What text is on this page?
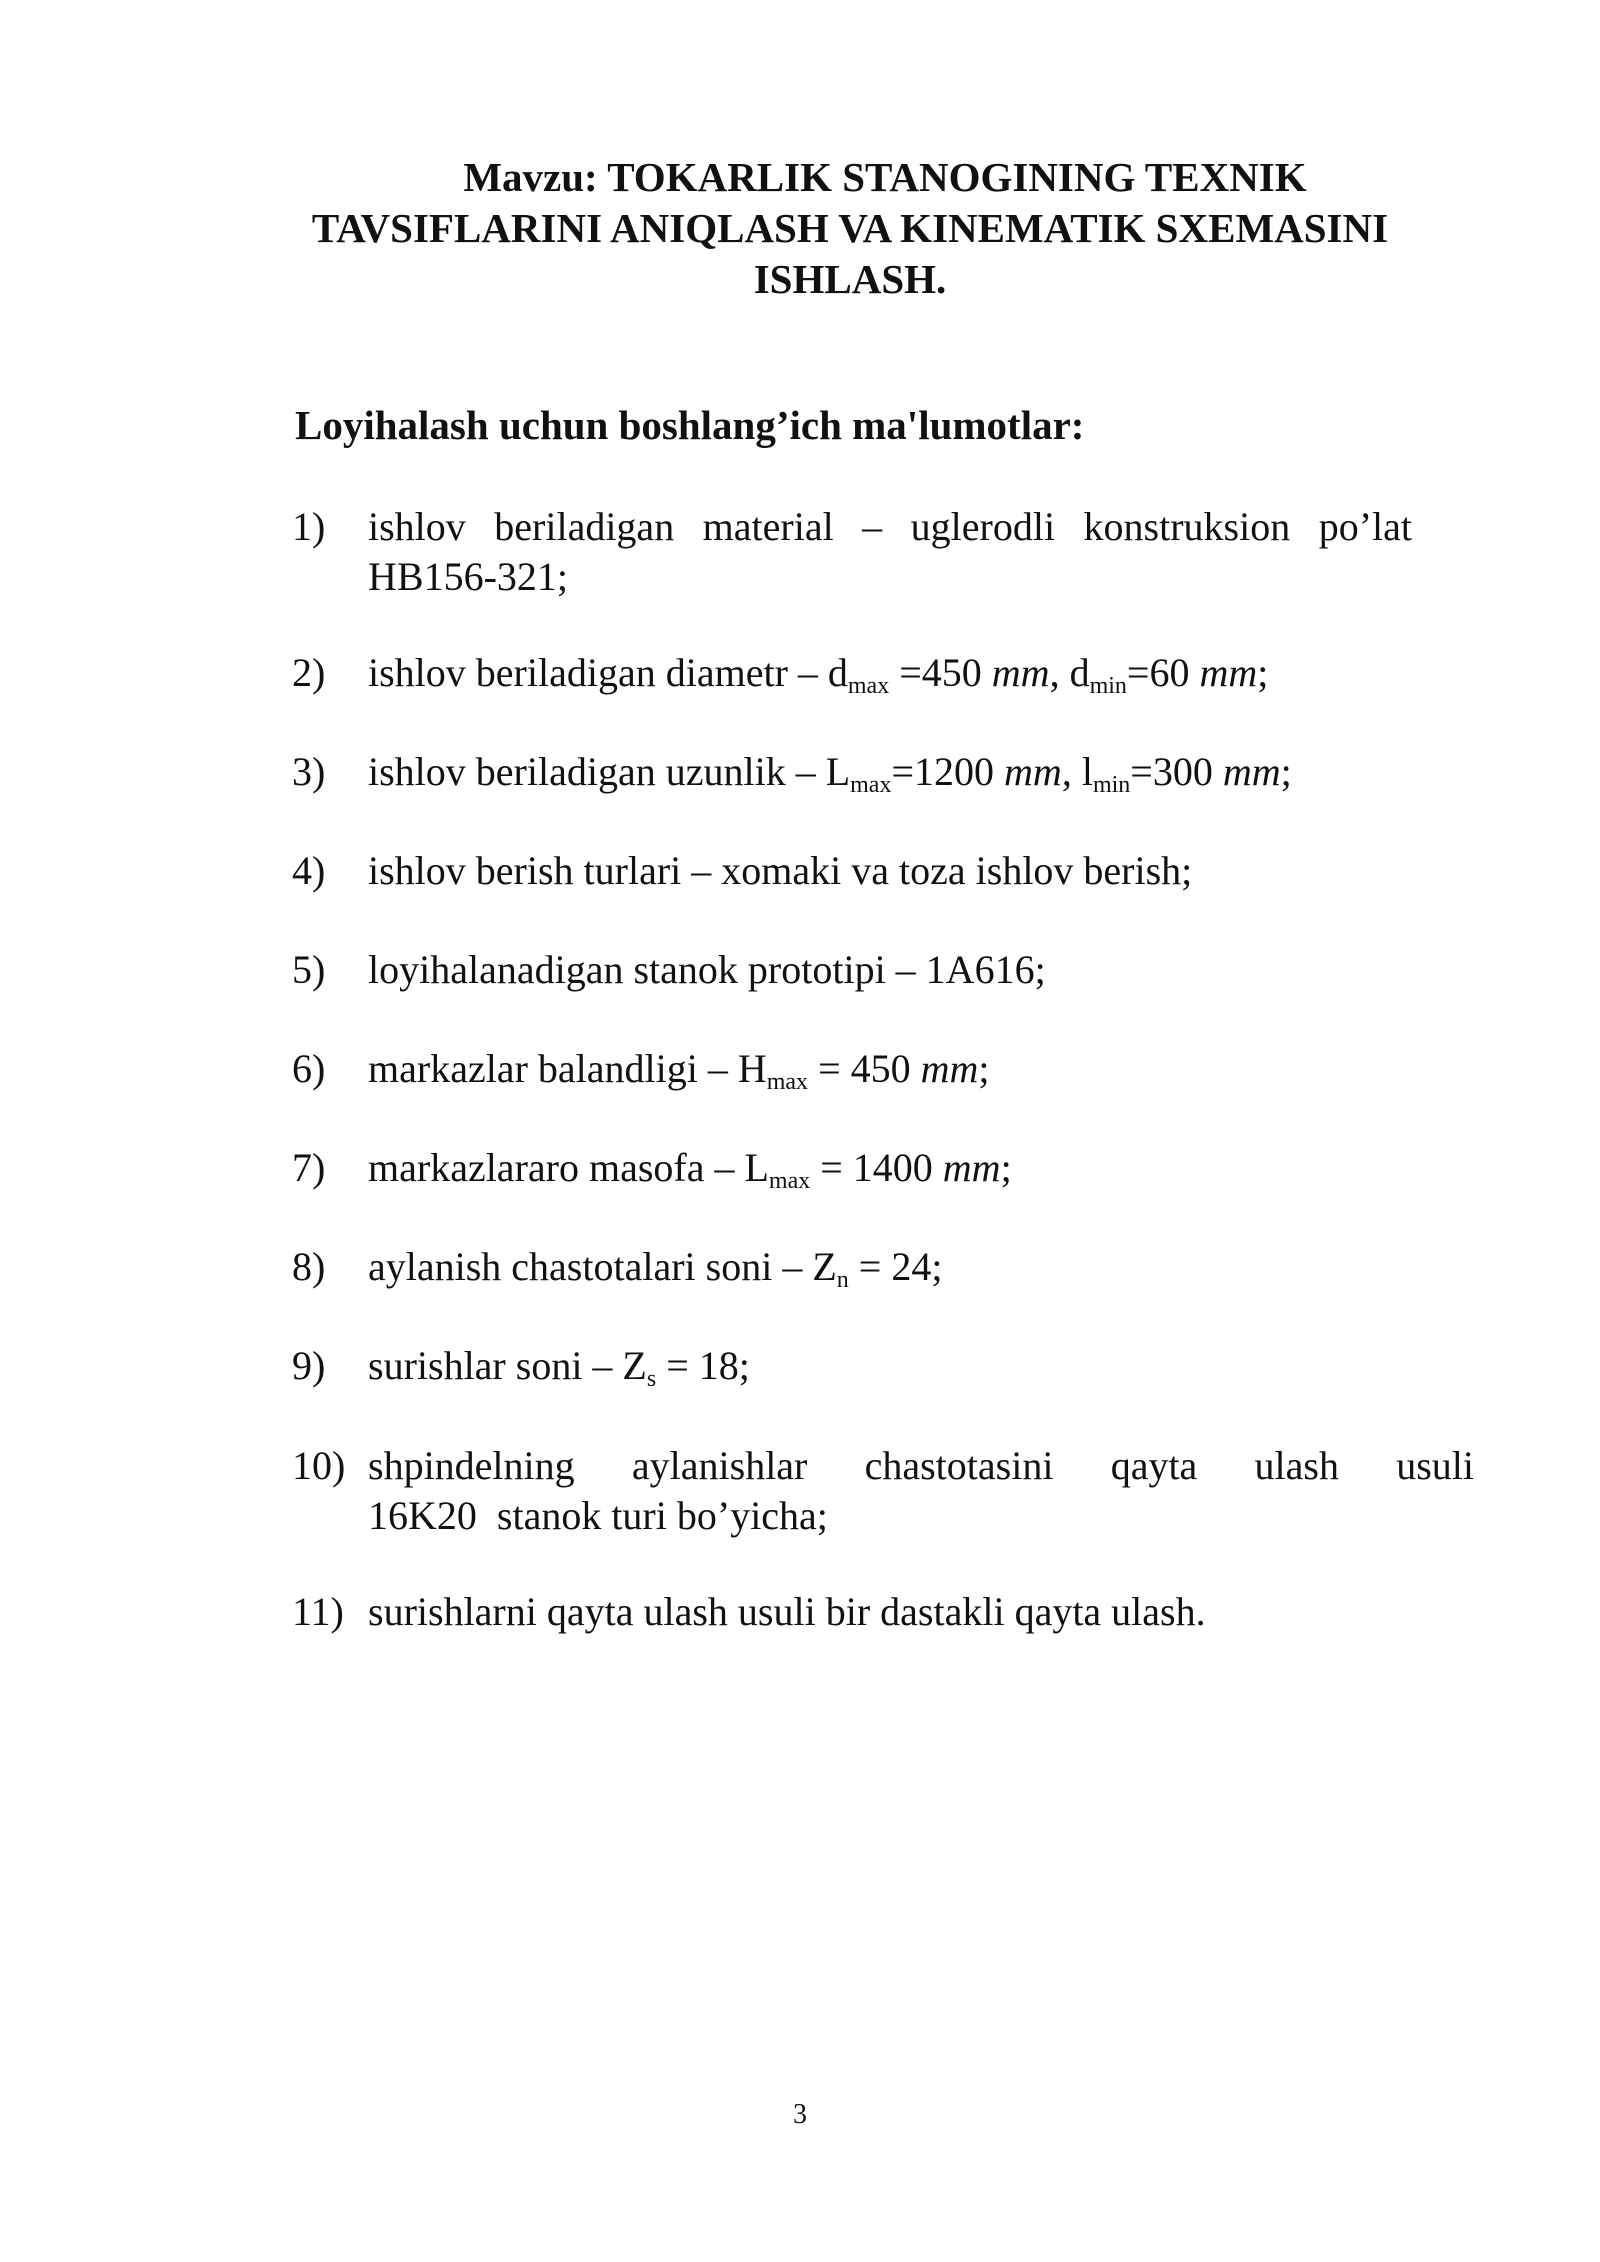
Mavzu: TOKARLIK STANOGINING TEXNIK
TAVSIFLARINI ANIQLASH VA KINEMATIK SXEMASINI
ISHLASH.
Loyihalash uchun boshlang’ich ma'lumotlar:
1)	ishlov beriladigan material – uglerodli konstruksion po’lat
HB156-321;
2)	ishlov beriladigan diametr – $d_{max} =450$ mm, $d_{min}=60$ mm;
3)	ishlov beriladigan uzunlik – $L_{max}=1200$ mm, $l_{min}=300$ mm;
4)	ishlov berish turlari – xomaki va toza ishlov berish;
5)	loyihalanadigan stanok prototipi – 1A616;
6)	markazlar balandligi – $H_{max} = 450$ mm;
7)	markazlararo masofa – $L_{max} = 1400$ mm;
8)	aylanish chastotalari soni – $Z_n = 24$;
9)	surishlar soni – $Z_s = 18$;
10) shpindelning aylanishlar chastotasini qayta ulash usuli
16K20  stanok turi bo’yicha;
11) surishlarni qayta ulash usuli bir dastakli qayta ulash.
3
